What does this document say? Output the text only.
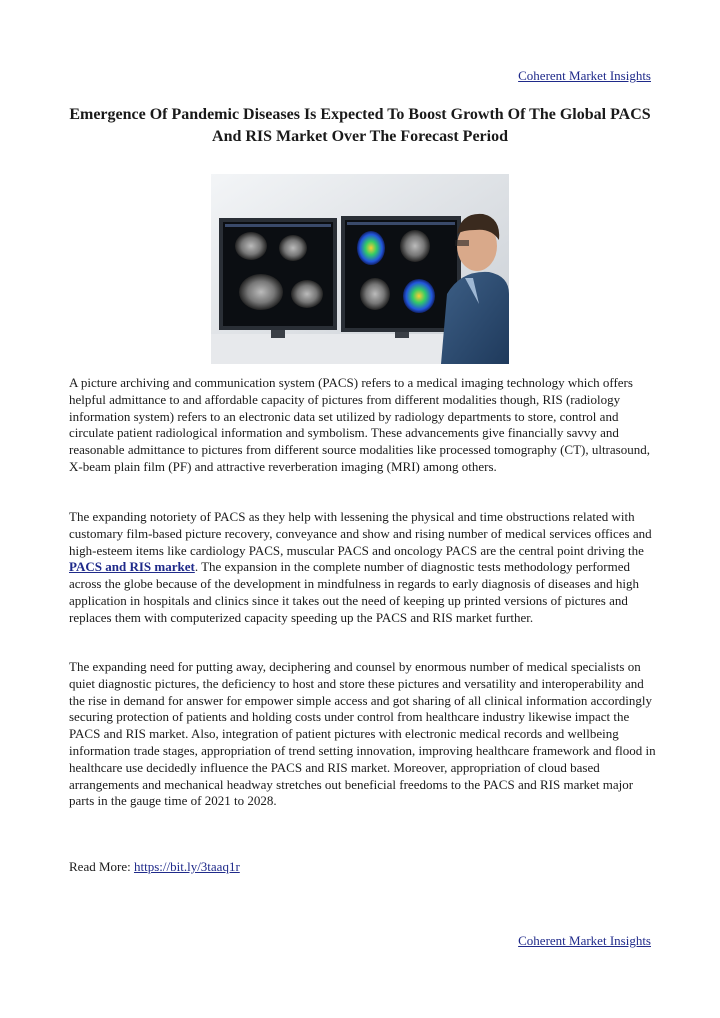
Coherent Market Insights
Emergence Of Pandemic Diseases Is Expected To Boost Growth Of The Global PACS And RIS Market Over The Forecast Period

A picture archiving and communication system (PACS) refers to a medical imaging technology which offers helpful admittance to and affordable capacity of pictures from different modalities though, RIS (radiology information system) refers to an electronic data set utilized by radiology departments to store, control and circulate patient radiological information and symbolism. These advancements give financially savvy and reasonable admittance to pictures from different source modalities like processed tomography (CT), ultrasound, X-beam plain film (PF) and attractive reverberation imaging (MRI) among others.

The expanding notoriety of PACS as they help with lessening the physical and time obstructions related with customary film-based picture recovery, conveyance and show and rising number of medical services offices and high-esteem items like cardiology PACS, muscular PACS and oncology PACS are the central point driving the PACS and RIS market. The expansion in the complete number of diagnostic tests methodology performed across the globe because of the development in mindfulness in regards to early diagnosis of diseases and high application in hospitals and clinics since it takes out the need of keeping up printed versions of pictures and replaces them with computerized capacity speeding up the PACS and RIS market further.

The expanding need for putting away, deciphering and counsel by enormous number of medical specialists on quiet diagnostic pictures, the deficiency to host and store these pictures and versatility and interoperability and the rise in demand for answer for empower simple access and got sharing of all clinical information accordingly securing protection of patients and holding costs under control from healthcare industry likewise impact the PACS and RIS market. Also, integration of patient pictures with electronic medical records and wellbeing information trade stages, appropriation of trend setting innovation, improving healthcare framework and flood in healthcare use decidedly influence the PACS and RIS market. Moreover, appropriation of cloud based arrangements and mechanical headway stretches out beneficial freedoms to the PACS and RIS market major parts in the gauge time of 2021 to 2028.

Read More: https://bit.ly/3taaq1r

Coherent Market Insights
